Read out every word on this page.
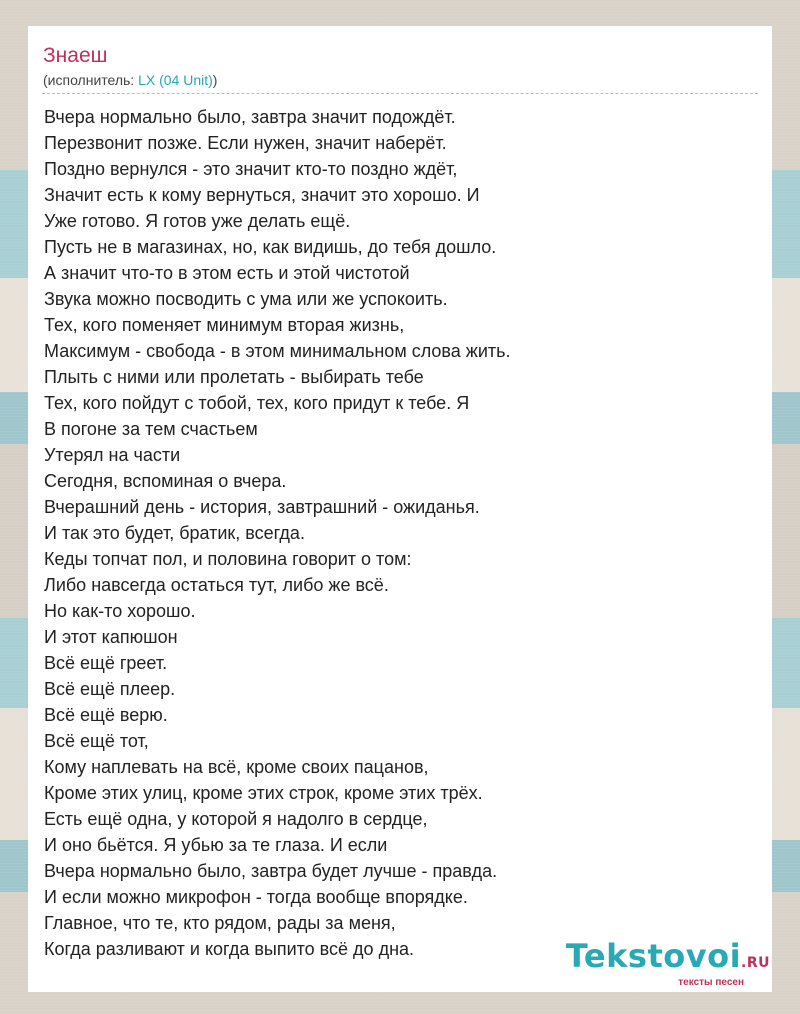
Знаеш
(исполнитель: LX (04 Unit))
Вчера нормально было, завтра значит подождёт.
Перезвонит позже. Если нужен, значит наберёт.
Поздно вернулся - это значит кто-то поздно ждёт,
Значит есть к кому вернуться, значит это хорошо. И
Уже готово. Я готов уже делать ещё.
Пусть не в магазинах, но, как видишь, до тебя дошло.
А значит что-то в этом есть и этой чистотой
Звука можно посводить с ума или же успокоить.
Тех, кого поменяет минимум вторая жизнь,
Максимум - свобода - в этом минимальном слова жить.
Плыть с ними или пролетать - выбирать тебе
Тех, кого пойдут с тобой, тех, кого придут к тебе. Я
В погоне за тем счастьем
Утерял на части
Сегодня, вспоминая о вчера.
Вчерашний день - история, завтрашний - ожиданья.
И так это будет, братик, всегда.
Кеды топчат пол, и половина говорит о том:
Либо навсегда остаться тут, либо же всё.
Но как-то хорошо.
И этот капюшон
Всё ещё греет.
Всё ещё плеер.
Всё ещё верю.
Всё ещё тот,
Кому наплевать на всё, кроме своих пацанов,
Кроме этих улиц, кроме этих строк, кроме этих трёх.
Есть ещё одна, у которой я надолго в сердце,
И оно бьётся. Я убью за те глаза. И если
Вчера нормально было, завтра будет лучше - правда.
И если можно микрофон - тогда вообще впорядке.
Главное, что те, кто рядом, рады за меня,
Когда разливают и когда выпито всё до дна.	Tekstovoi.RU
тексты песен
